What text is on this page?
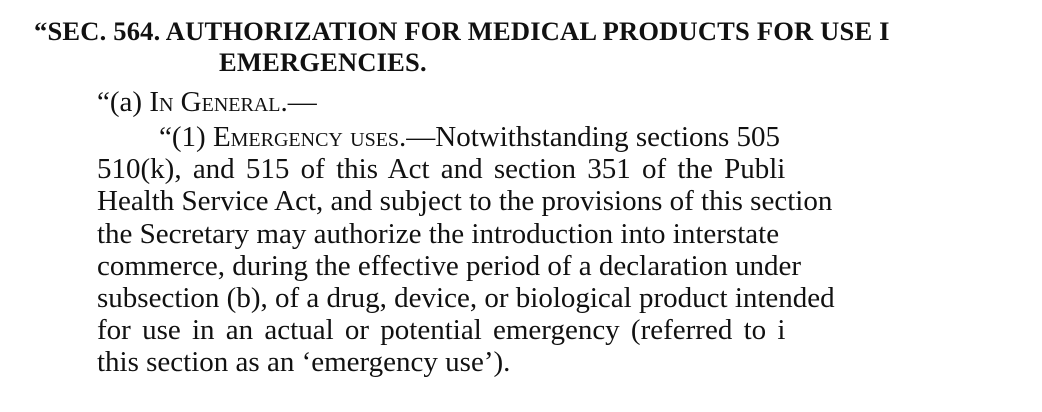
“SEC. 564. AUTHORIZATION FOR MEDICAL PRODUCTS FOR USE I
EMERGENCIES.
“(a) In General.—
“(1) Emergency uses.—Notwithstanding sections 505
510(k), and 515 of this Act and section 351 of the Publi
Health Service Act, and subject to the provisions of this section
the Secretary may authorize the introduction into interstate
commerce, during the effective period of a declaration under
subsection (b), of a drug, device, or biological product intended
for use in an actual or potential emergency (referred to i
this section as an ‘emergency use’).
